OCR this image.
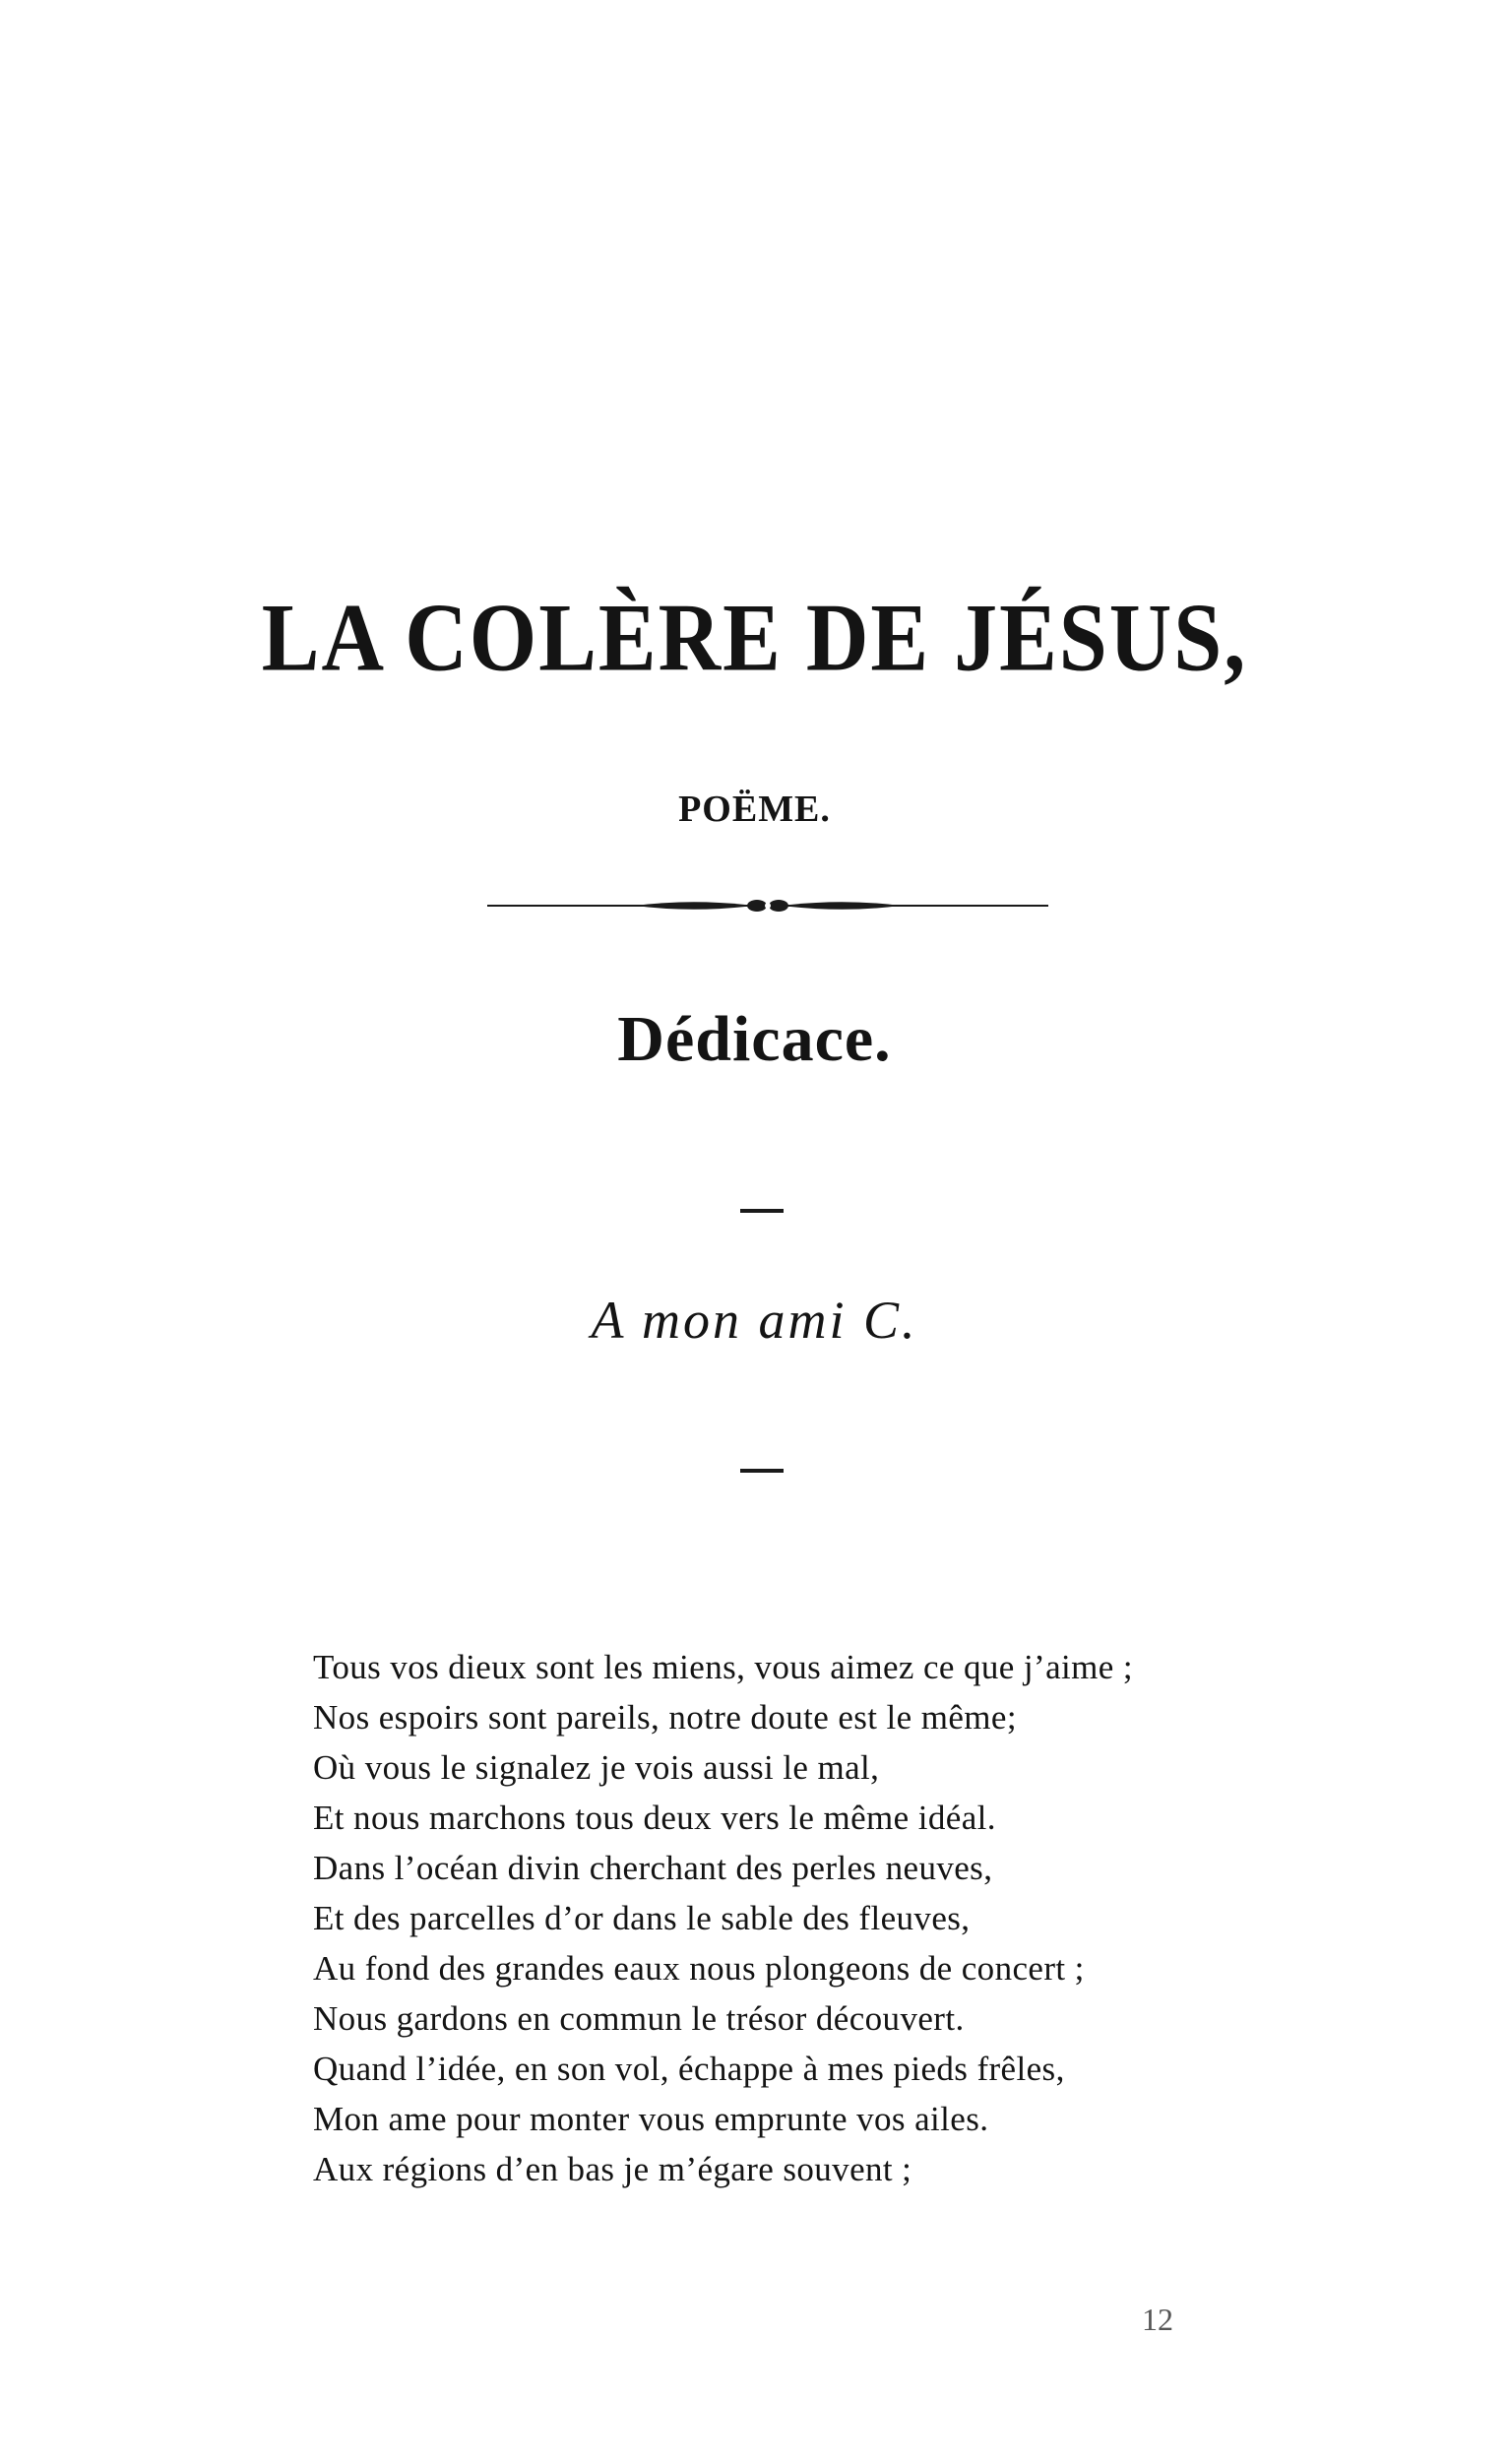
LA COLÈRE DE JÉSUS,
POËME.
Dédicace.
A mon ami C.
Tous vos dieux sont les miens, vous aimez ce que j’aime ;
Nos espoirs sont pareils, notre doute est le même;
Où vous le signalez je vois aussi le mal,
Et nous marchons tous deux vers le même idéal.
Dans l’océan divin cherchant des perles neuves,
Et des parcelles d’or dans le sable des fleuves,
Au fond des grandes eaux nous plongeons de concert ;
Nous gardons en commun le trésor découvert.
Quand l’idée, en son vol, échappe à mes pieds frêles,
Mon ame pour monter vous emprunte vos ailes.
Aux régions d’en bas je m’égare souvent ;
12
